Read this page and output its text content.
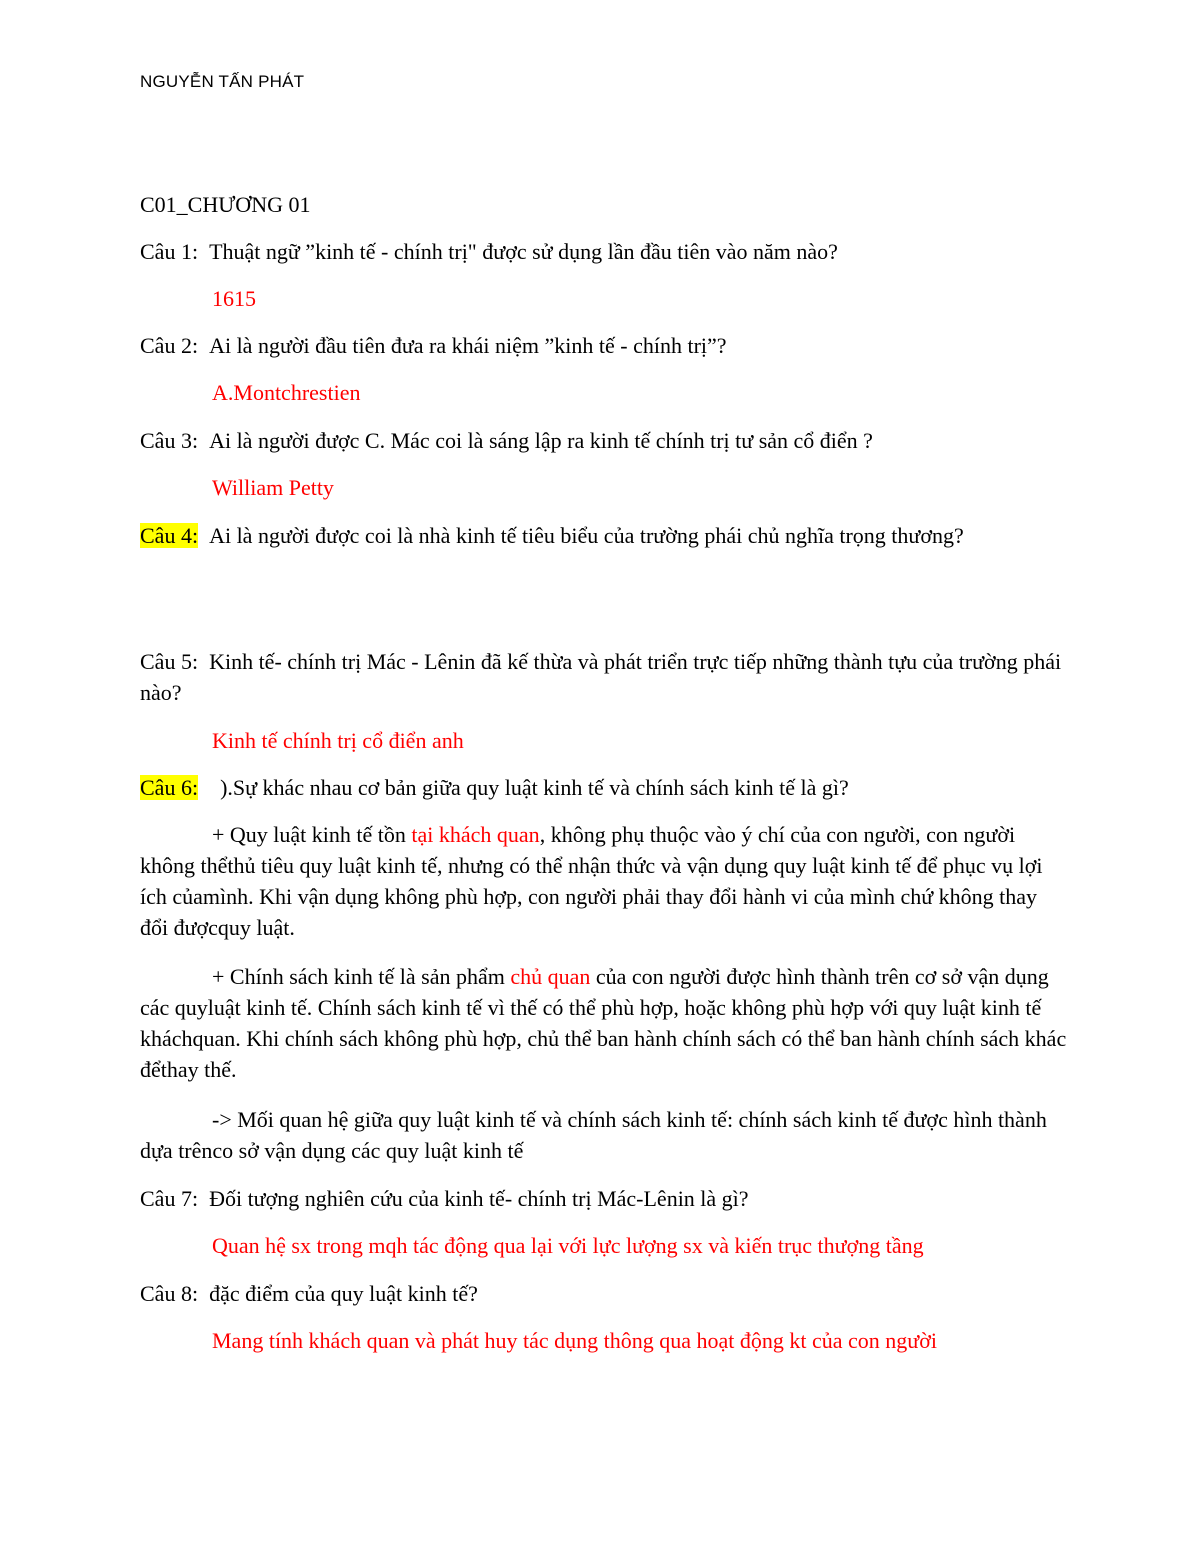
NGUYỄN TẤN PHÁT
C01_CHƯƠNG 01
Câu 1: Thuật ngữ ”kinh tế - chính trị" được sử dụng lần đầu tiên vào năm nào?
1615
Câu 2: Ai là người đầu tiên đưa ra khái niệm ”kinh tế - chính trị”?
A.Montchrestien
Câu 3: Ai là người được C. Mác coi là sáng lập ra kinh tế chính trị tư sản cổ điển ?
William Petty
Câu 4: Ai là người được coi là nhà kinh tế tiêu biểu của trường phái chủ nghĩa trọng thương?
Câu 5: Kinh tế- chính trị Mác - Lênin đã kế thừa và phát triển trực tiếp những thành tựu của trường phái nào?
Kinh tế chính trị cổ điển anh
Câu 6: ).Sự khác nhau cơ bản giữa quy luật kinh tế và chính sách kinh tế là gì?
+ Quy luật kinh tế tồn tại khách quan, không phụ thuộc vào ý chí của con người, con người không thểthủ tiêu quy luật kinh tế, nhưng có thể nhận thức và vận dụng quy luật kinh tế để phục vụ lợi ích củamình. Khi vận dụng không phù hợp, con người phải thay đổi hành vi của mình chứ không thay đổi đượcquy luật.
+ Chính sách kinh tế là sản phẩm chủ quan của con người được hình thành trên cơ sở vận dụng các quyluật kinh tế. Chính sách kinh tế vì thế có thể phù hợp, hoặc không phù hợp với quy luật kinh tế kháchquan. Khi chính sách không phù hợp, chủ thể ban hành chính sách có thể ban hành chính sách khác đểthay thế.
-> Mối quan hệ giữa quy luật kinh tế và chính sách kinh tế: chính sách kinh tế được hình thành dựa trênco sở vận dụng các quy luật kinh tế
Câu 7: Đối tượng nghiên cứu của kinh tế- chính trị Mác-Lênin là gì?
Quan hệ sx trong mqh tác động qua lại với lực lượng sx và kiến trục thượng tầng
Câu 8: đặc điểm của quy luật kinh tế?
Mang tính khách quan và phát huy tác dụng thông qua hoạt động kt của con người
